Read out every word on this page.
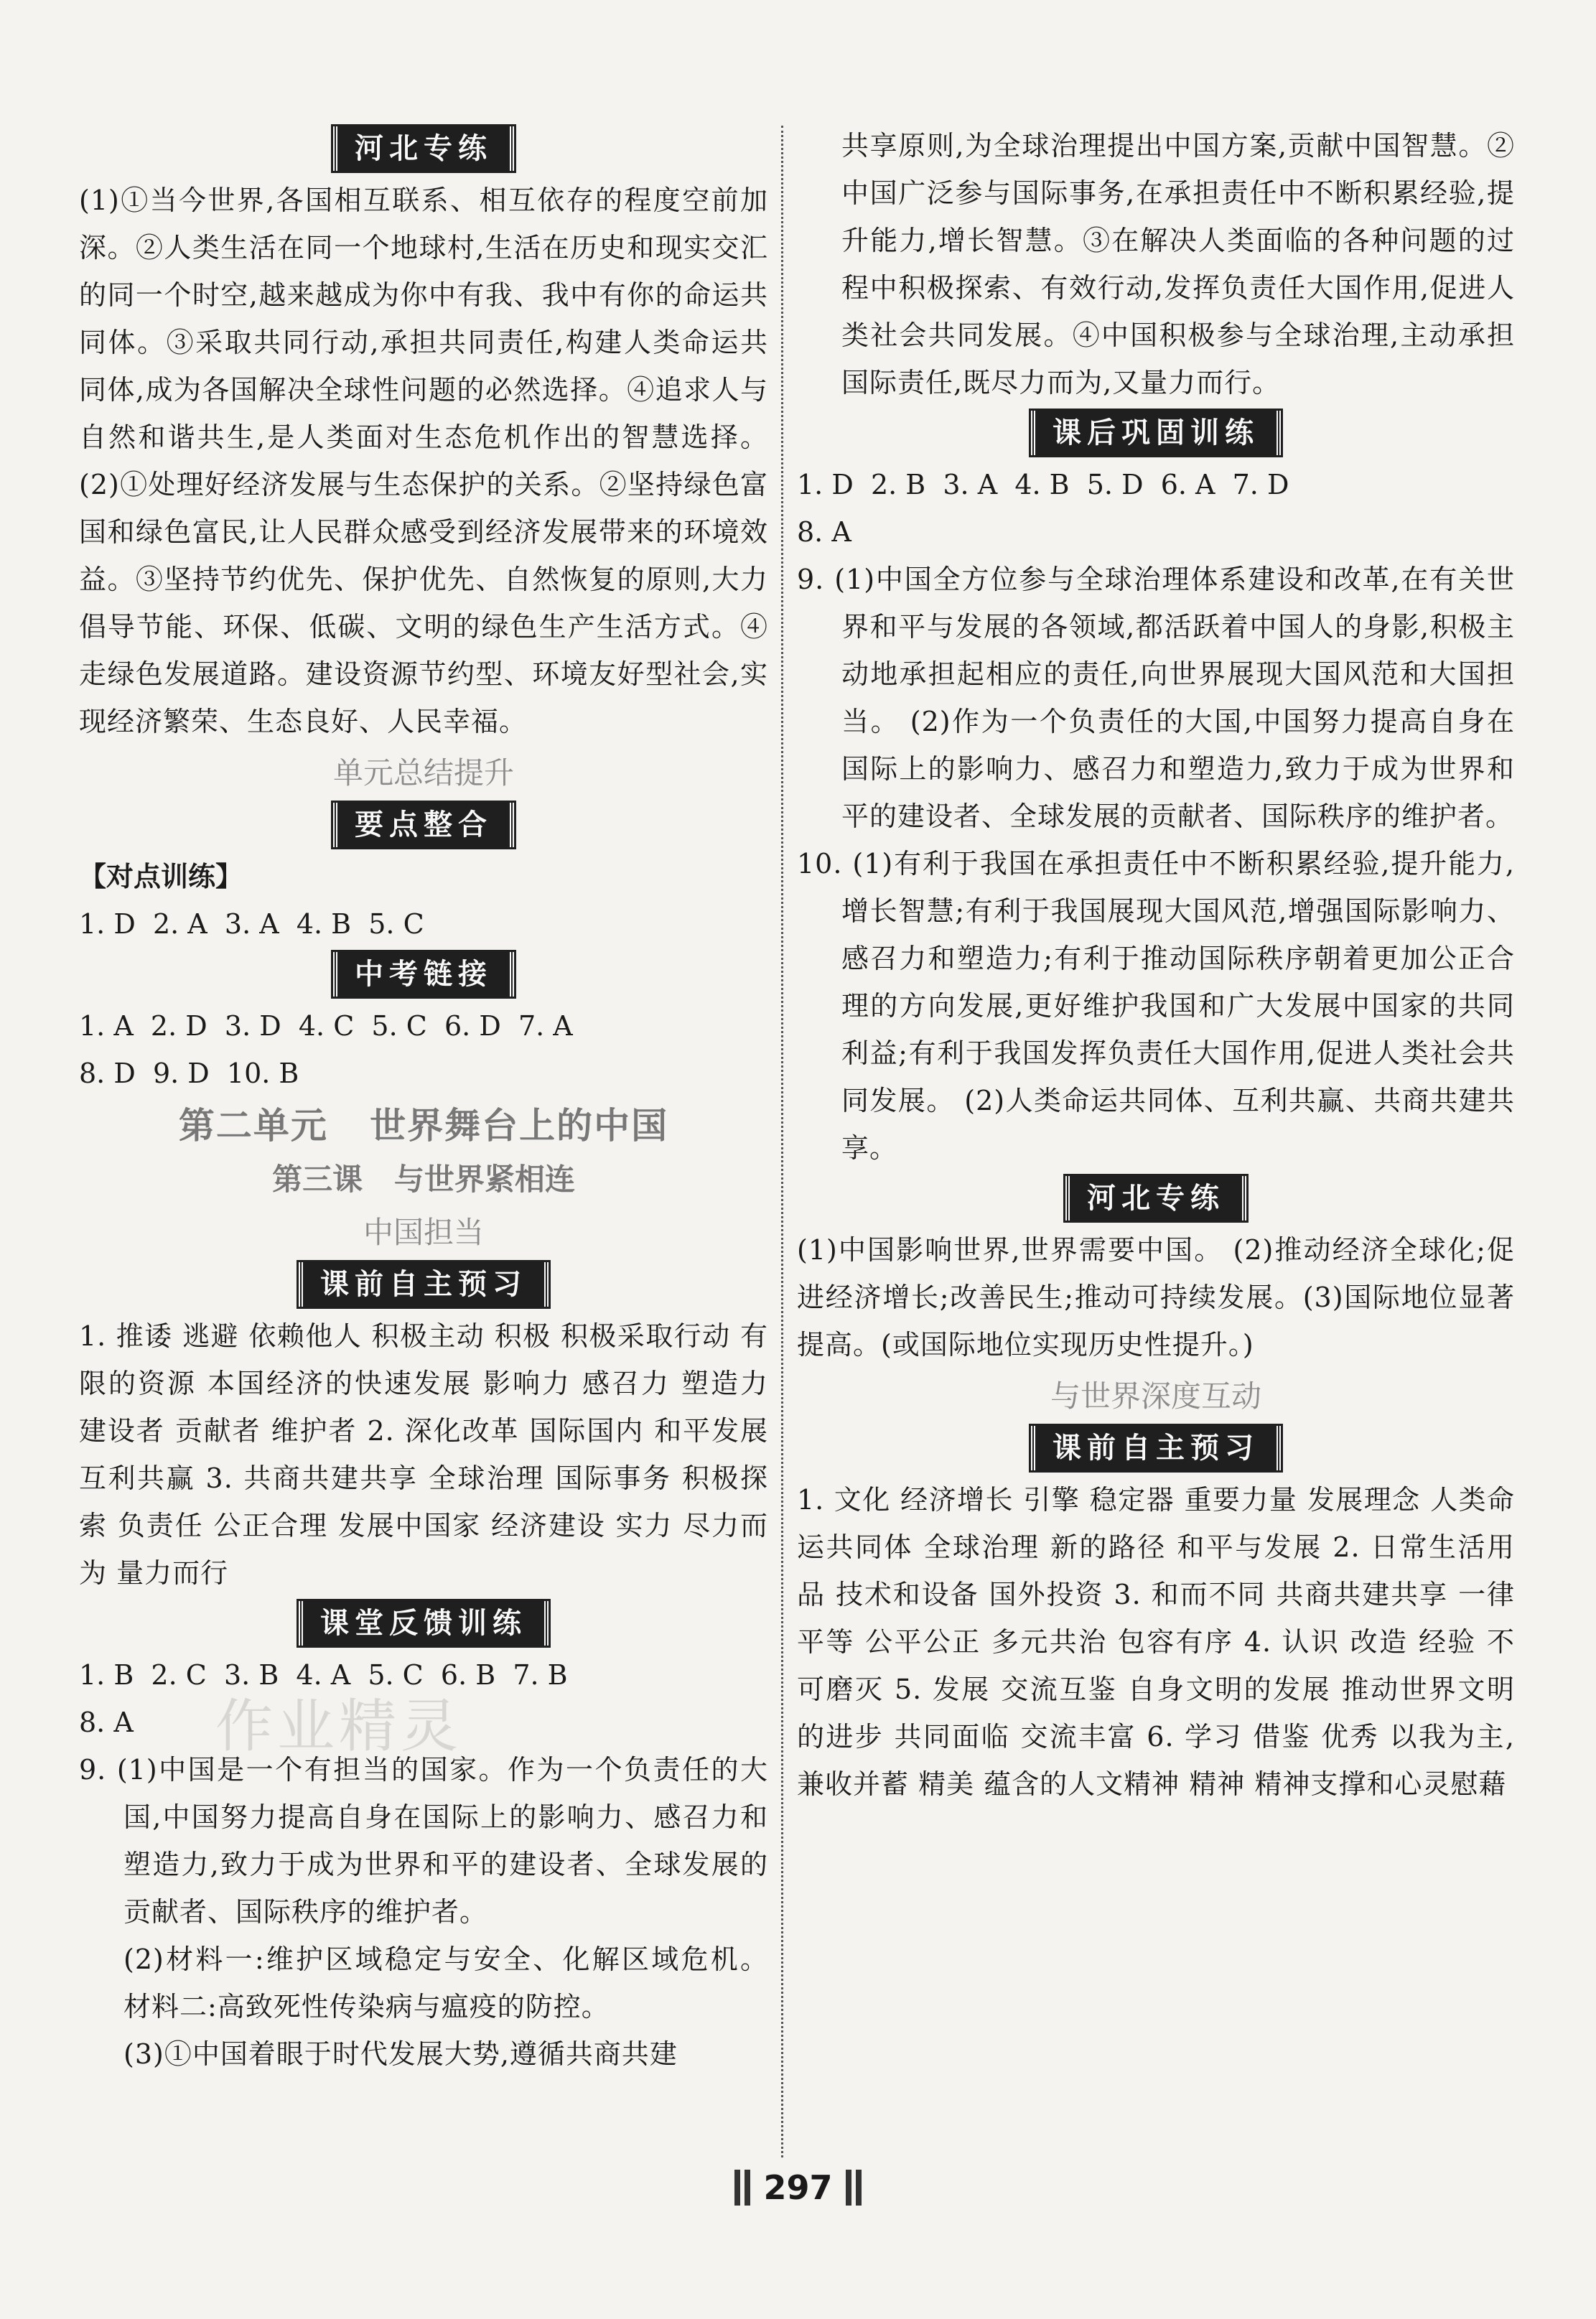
作业精灵
河北专练

(1)①当今世界,各国相互联系、相互依存的程度空前加深。②人类生活在同一个地球村,生活在历史和现实交汇的同一个时空,越来越成为你中有我、我中有你的命运共同体。③采取共同行动,承担共同责任,构建人类命运共同体,成为各国解决全球性问题的必然选择。④追求人与自然和谐共生,是人类面对生态危机作出的智慧选择。 (2)①处理好经济发展与生态保护的关系。②坚持绿色富国和绿色富民,让人民群众感受到经济发展带来的环境效益。③坚持节约优先、保护优先、自然恢复的原则,大力倡导节能、环保、低碳、文明的绿色生产生活方式。④走绿色发展道路。建设资源节约型、环境友好型社会,实现经济繁荣、生态良好、人民幸福。

单元总结提升
要点整合
【对点训练】

1. D  2. A  3. A  4. B  5. C

中考链接

1. A  2. D  3. D  4. C  5. C  6. D  7. A

8. D  9. D  10. B

第二单元   世界舞台上的中国
第三课   与世界紧相连
中国担当
课前自主预习

1. 推诿 逃避 依赖他人 积极主动 积极 积极采取行动 有限的资源 本国经济的快速发展 影响力 感召力 塑造力 建设者 贡献者 维护者 2. 深化改革 国际国内 和平发展 互利共赢 3. 共商共建共享 全球治理 国际事务 积极探索 负责任 公正合理 发展中国家 经济建设 实力 尽力而为 量力而行

课堂反馈训练

1. B  2. C  3. B  4. A  5. C  6. B  7. B

8. A

9. (1)中国是一个有担当的国家。作为一个负责任的大国,中国努力提高自身在国际上的影响力、感召力和塑造力,致力于成为世界和平的建设者、全球发展的贡献者、国际秩序的维护者。

(2)材料一:维护区域稳定与安全、化解区域危机。 材料二:高致死性传染病与瘟疫的防控。

(3)①中国着眼于时代发展大势,遵循共商共建

共享原则,为全球治理提出中国方案,贡献中国智慧。②中国广泛参与国际事务,在承担责任中不断积累经验,提升能力,增长智慧。③在解决人类面临的各种问题的过程中积极探索、有效行动,发挥负责任大国作用,促进人类社会共同发展。④中国积极参与全球治理,主动承担国际责任,既尽力而为,又量力而行。

课后巩固训练

1. D  2. B  3. A  4. B  5. D  6. A  7. D

8. A

9. (1)中国全方位参与全球治理体系建设和改革,在有关世界和平与发展的各领域,都活跃着中国人的身影,积极主动地承担起相应的责任,向世界展现大国风范和大国担当。 (2)作为一个负责任的大国,中国努力提高自身在国际上的影响力、感召力和塑造力,致力于成为世界和平的建设者、全球发展的贡献者、国际秩序的维护者。

10. (1)有利于我国在承担责任中不断积累经验,提升能力,增长智慧;有利于我国展现大国风范,增强国际影响力、感召力和塑造力;有利于推动国际秩序朝着更加公正合理的方向发展,更好维护我国和广大发展中国家的共同利益;有利于我国发挥负责任大国作用,促进人类社会共同发展。 (2)人类命运共同体、互利共赢、共商共建共享。

河北专练

(1)中国影响世界,世界需要中国。 (2)推动经济全球化;促进经济增长;改善民生;推动可持续发展。(3)国际地位显著提高。(或国际地位实现历史性提升。)

与世界深度互动
课前自主预习

1. 文化 经济增长 引擎 稳定器 重要力量 发展理念 人类命运共同体 全球治理 新的路径 和平与发展 2. 日常生活用品 技术和设备 国外投资 3. 和而不同 共商共建共享 一律平等 公平公正 多元共治 包容有序 4. 认识 改造 经验 不可磨灭 5. 发展 交流互鉴 自身文明的发展 推动世界文明的进步 共同面临 交流丰富 6. 学习 借鉴 优秀 以我为主,兼收并蓄 精美 蕴含的人文精神 精神 精神支撑和心灵慰藉

297
